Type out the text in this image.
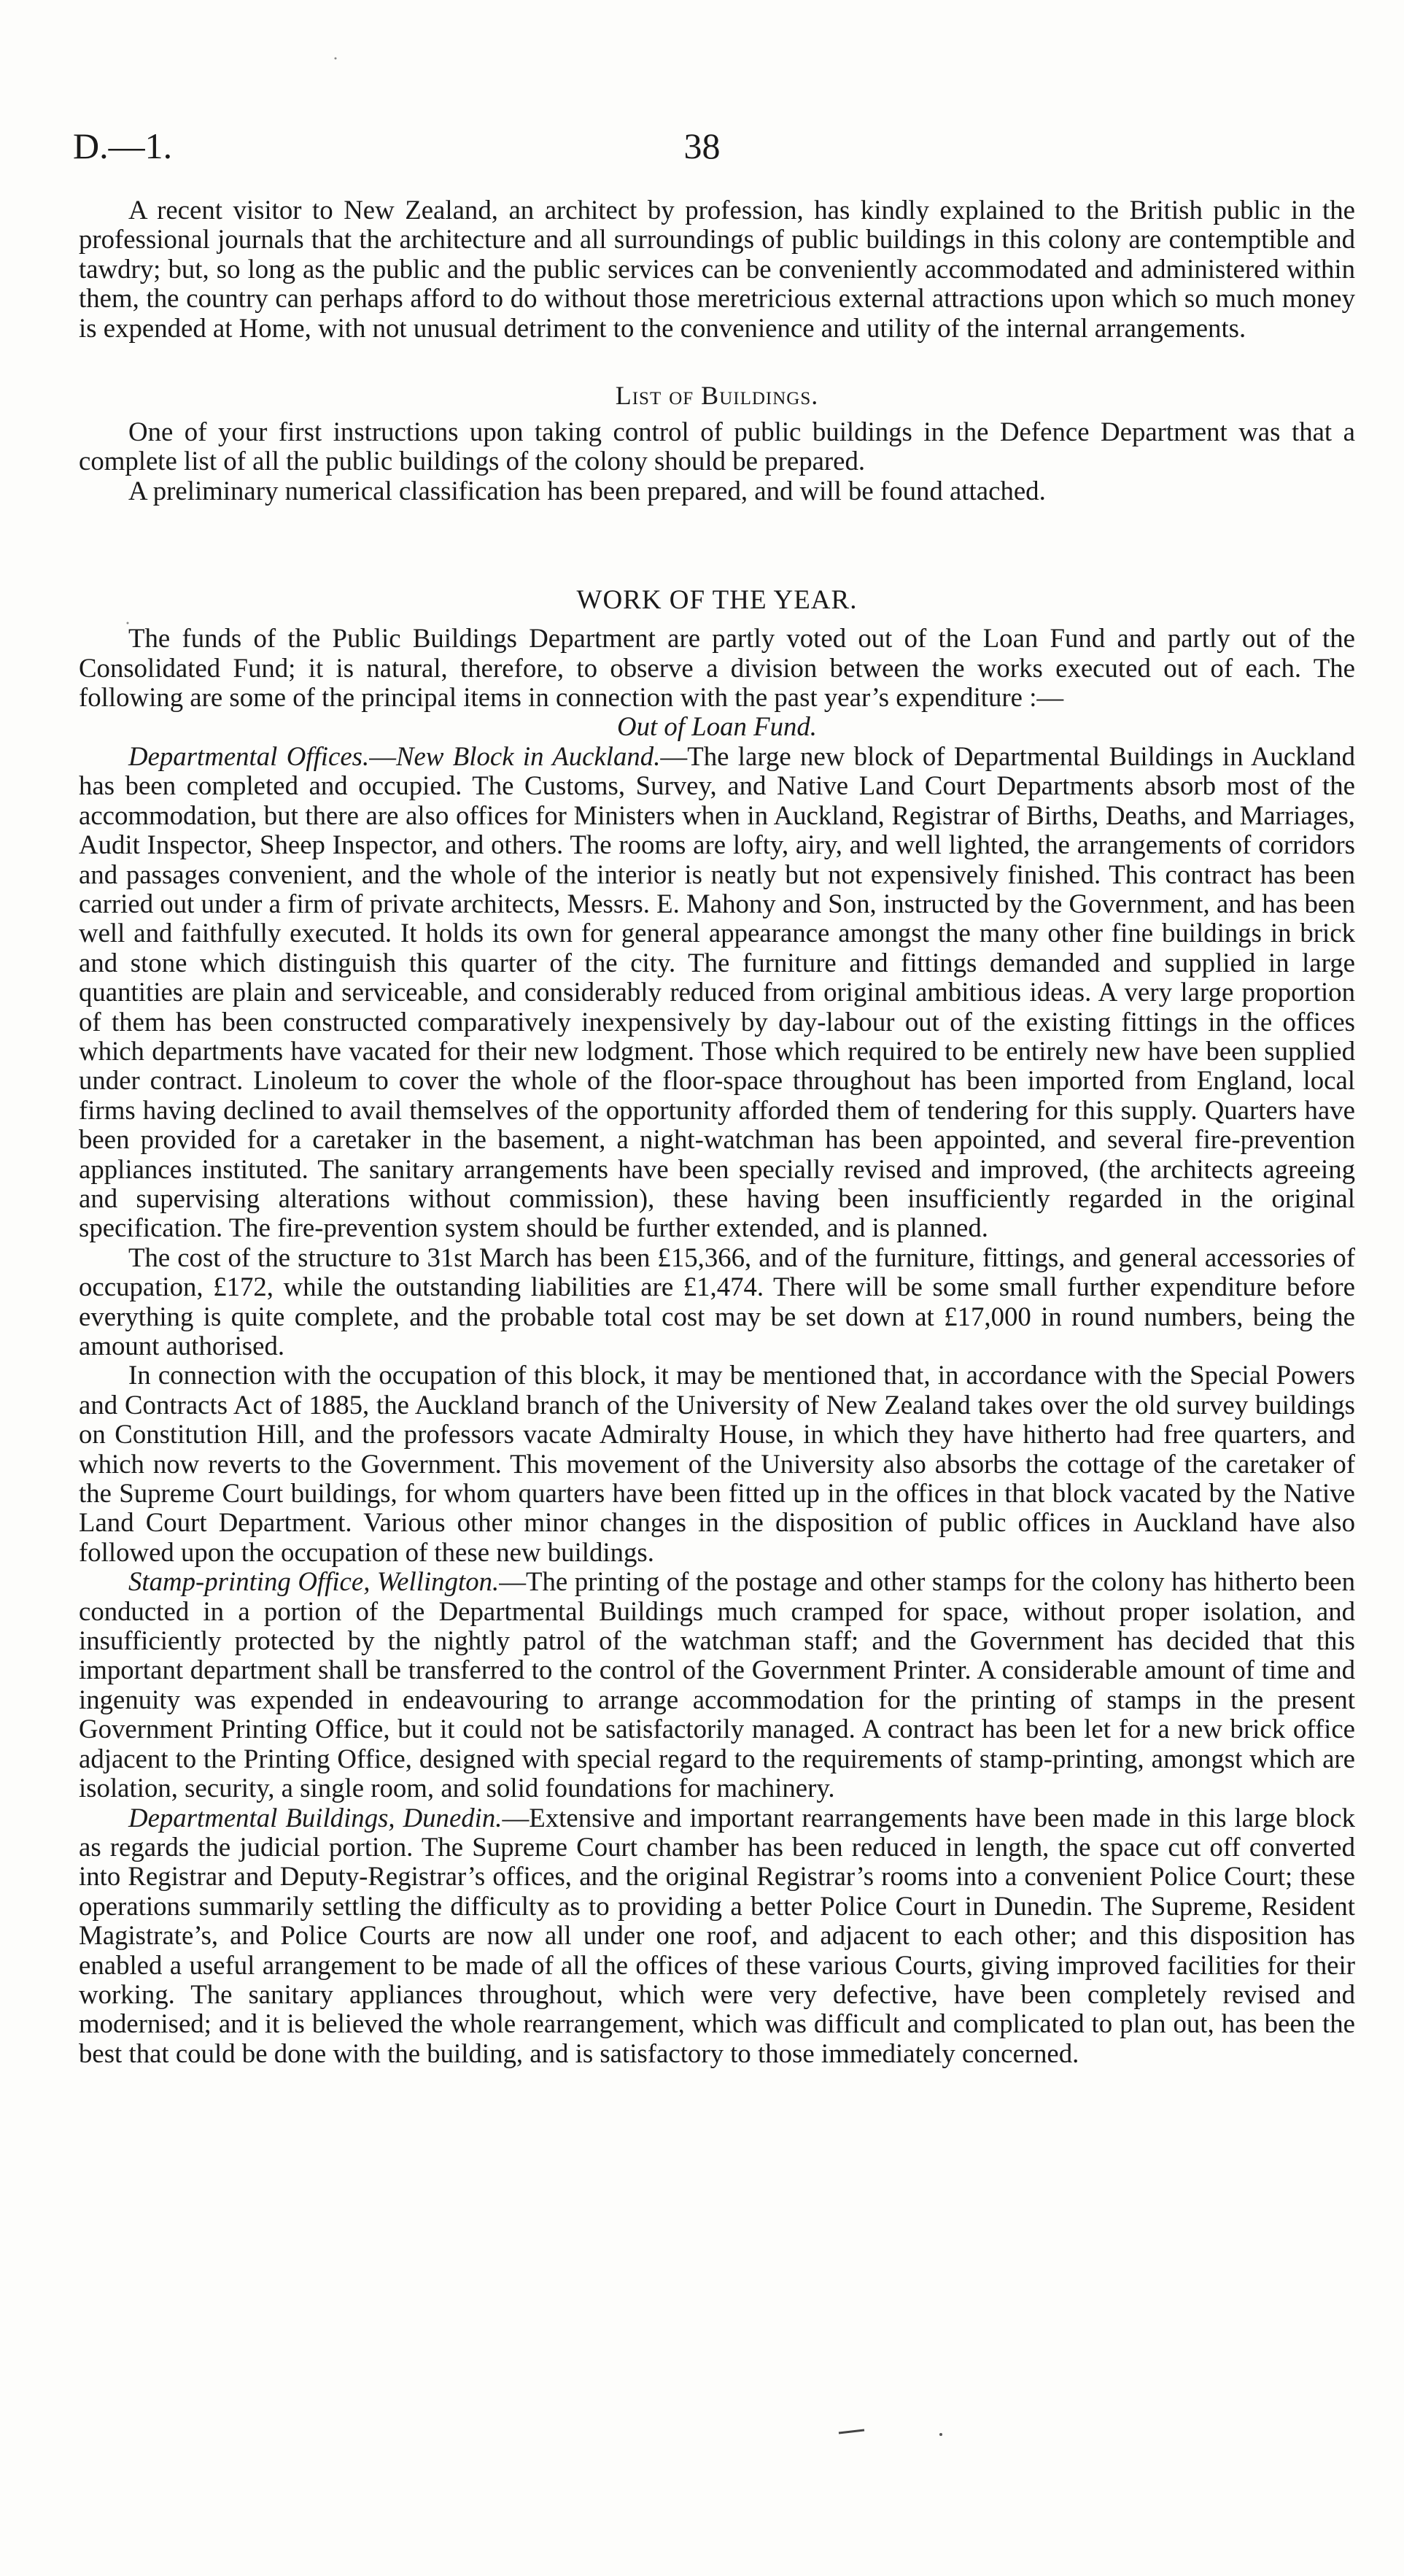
38
D.—1.

A recent visitor to New Zealand, an architect by profession, has kindly explained to the British public in the professional journals that the architecture and all surroundings of public buildings in this colony are contemptible and tawdry; but, so long as the public and the public services can be conveniently accommodated and administered within them, the country can perhaps afford to do without those meretricious external attractions upon which so much money is expended at Home, with not unusual detriment to the convenience and utility of the internal arrangements.

List of Buildings.

One of your first instructions upon taking control of public buildings in the Defence Department was that a complete list of all the public buildings of the colony should be prepared.

A preliminary numerical classification has been prepared, and will be found attached.

WORK OF THE YEAR.

The funds of the Public Buildings Department are partly voted out of the Loan Fund and partly out of the Consolidated Fund; it is natural, therefore, to observe a division between the works executed out of each. The following are some of the principal items in connection with the past year’s expenditure :—

Out of Loan Fund.

Departmental Offices.—New Block in Auckland.—The large new block of Departmental Buildings in Auckland has been completed and occupied. The Customs, Survey, and Native Land Court Departments absorb most of the accommodation, but there are also offices for Ministers when in Auckland, Registrar of Births, Deaths, and Marriages, Audit Inspector, Sheep Inspector, and others. The rooms are lofty, airy, and well lighted, the arrangements of corridors and passages convenient, and the whole of the interior is neatly but not expensively finished. This contract has been carried out under a firm of private architects, Messrs. E. Mahony and Son, instructed by the Government, and has been well and faithfully executed. It holds its own for general appearance amongst the many other fine buildings in brick and stone which distinguish this quarter of the city. The furniture and fittings demanded and supplied in large quantities are plain and serviceable, and considerably reduced from original ambitious ideas. A very large proportion of them has been constructed comparatively inexpensively by day-labour out of the existing fittings in the offices which departments have vacated for their new lodgment. Those which required to be entirely new have been supplied under contract. Linoleum to cover the whole of the floor-space throughout has been imported from England, local firms having declined to avail themselves of the opportunity afforded them of tendering for this supply. Quarters have been provided for a caretaker in the basement, a night-watchman has been appointed, and several fire-prevention appliances instituted. The sanitary arrangements have been specially revised and improved, (the architects agreeing and supervising alterations without commission), these having been insufficiently regarded in the original specification. The fire-prevention system should be further extended, and is planned.

The cost of the structure to 31st March has been £15,366, and of the furniture, fittings, and general accessories of occupation, £172, while the outstanding liabilities are £1,474. There will be some small further expenditure before everything is quite complete, and the probable total cost may be set down at £17,000 in round numbers, being the amount authorised.

In connection with the occupation of this block, it may be mentioned that, in accordance with the Special Powers and Contracts Act of 1885, the Auckland branch of the University of New Zealand takes over the old survey buildings on Constitution Hill, and the professors vacate Admiralty House, in which they have hitherto had free quarters, and which now reverts to the Government. This movement of the University also absorbs the cottage of the caretaker of the Supreme Court buildings, for whom quarters have been fitted up in the offices in that block vacated by the Native Land Court Department. Various other minor changes in the disposition of public offices in Auckland have also followed upon the occupation of these new buildings.

Stamp-printing Office, Wellington.—The printing of the postage and other stamps for the colony has hitherto been conducted in a portion of the Departmental Buildings much cramped for space, without proper isolation, and insufficiently protected by the nightly patrol of the watchman staff; and the Government has decided that this important department shall be transferred to the control of the Government Printer. A considerable amount of time and ingenuity was expended in endeavouring to arrange accommodation for the printing of stamps in the present Government Printing Office, but it could not be satisfactorily managed. A contract has been let for a new brick office adjacent to the Printing Office, designed with special regard to the requirements of stamp-printing, amongst which are isolation, security, a single room, and solid foundations for machinery.

Departmental Buildings, Dunedin.—Extensive and important rearrangements have been made in this large block as regards the judicial portion. The Supreme Court chamber has been reduced in length, the space cut off converted into Registrar and Deputy-Registrar’s offices, and the original Registrar’s rooms into a convenient Police Court; these operations summarily settling the difficulty as to providing a better Police Court in Dunedin. The Supreme, Resident Magistrate’s, and Police Courts are now all under one roof, and adjacent to each other; and this disposition has enabled a useful arrangement to be made of all the offices of these various Courts, giving improved facilities for their working. The sanitary appliances throughout, which were very defective, have been completely revised and modernised; and it is believed the whole rearrangement, which was difficult and complicated to plan out, has been the best that could be done with the building, and is satisfactory to those immediately concerned.
